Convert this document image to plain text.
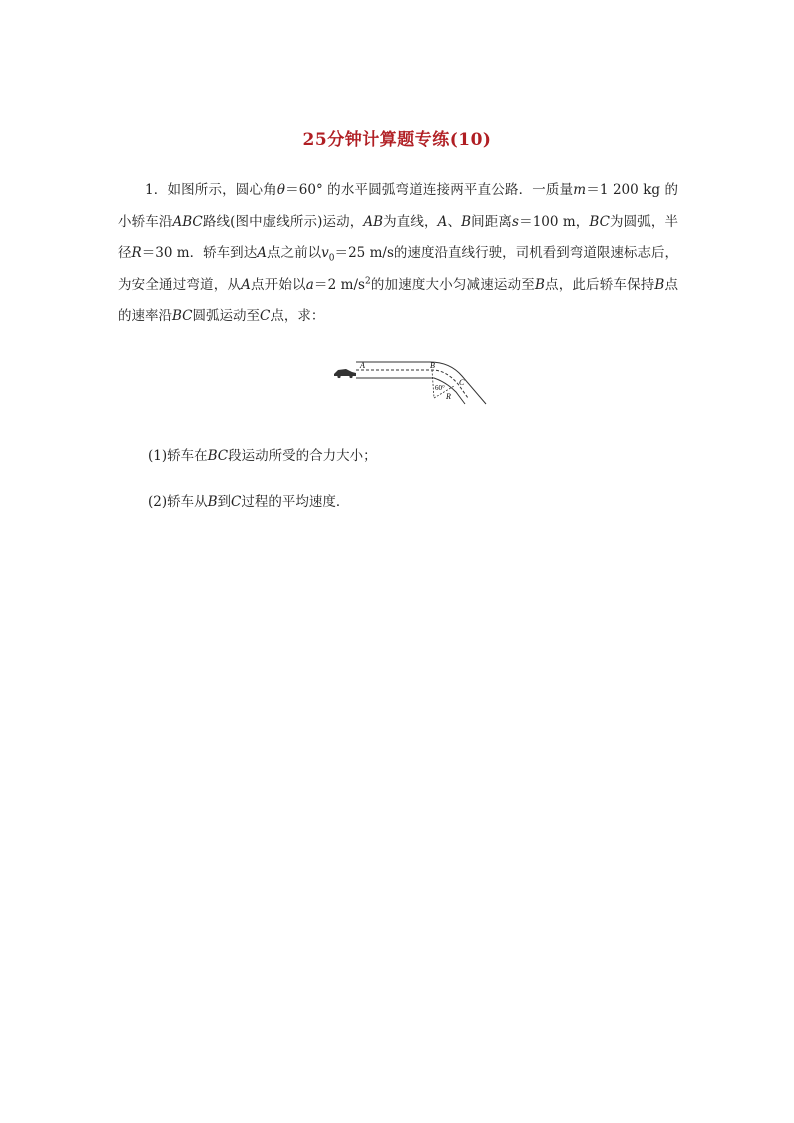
25分钟计算题专练(10)

1．如图所示，圆心角θ＝60° 的水平圆弧弯道连接两平直公路．一质量m＝1 200 kg 的小轿车沿ABC路线(图中虚线所示)运动，AB为直线，A、B间距离s＝100 m，BC为圆弧，半径R＝30 m．轿车到达A点之前以$v_0=25$ m/s的速度沿直线行驶，司机看到弯道限速标志后，为安全通过弯道，从A点开始以a＝2 $m/s^2$的加速度大小匀减速运动至B点，此后轿车保持B点的速率沿BC圆弧运动至C点，求：

A	B
C
R
60°
(1)轿车在BC段运动所受的合力大小；
(2)轿车从B到C过程的平均速度．
